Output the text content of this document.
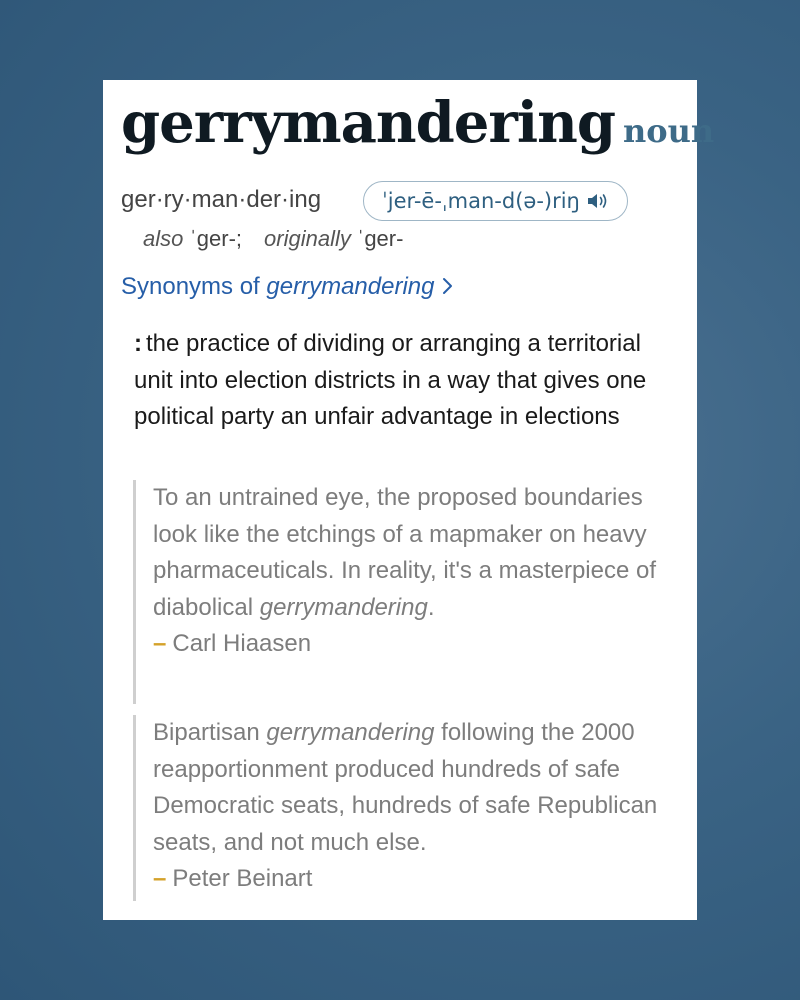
gerrymandering noun
ger·ry·man·der·ing	ˈjer-ē-ˌman-d(ə-)riŋ
also ˈger-; originally ˈger-
Synonyms of gerrymandering
: the practice of dividing or arranging a territorial unit into election districts in a way that gives one political party an unfair advantage in elections
To an untrained eye, the proposed boundaries look like the etchings of a mapmaker on heavy pharmaceuticals. In reality, it's a masterpiece of diabolical gerrymandering.
– Carl Hiaasen
Bipartisan gerrymandering following the 2000 reapportionment produced hundreds of safe Democratic seats, hundreds of safe Republican seats, and not much else.
– Peter Beinart
